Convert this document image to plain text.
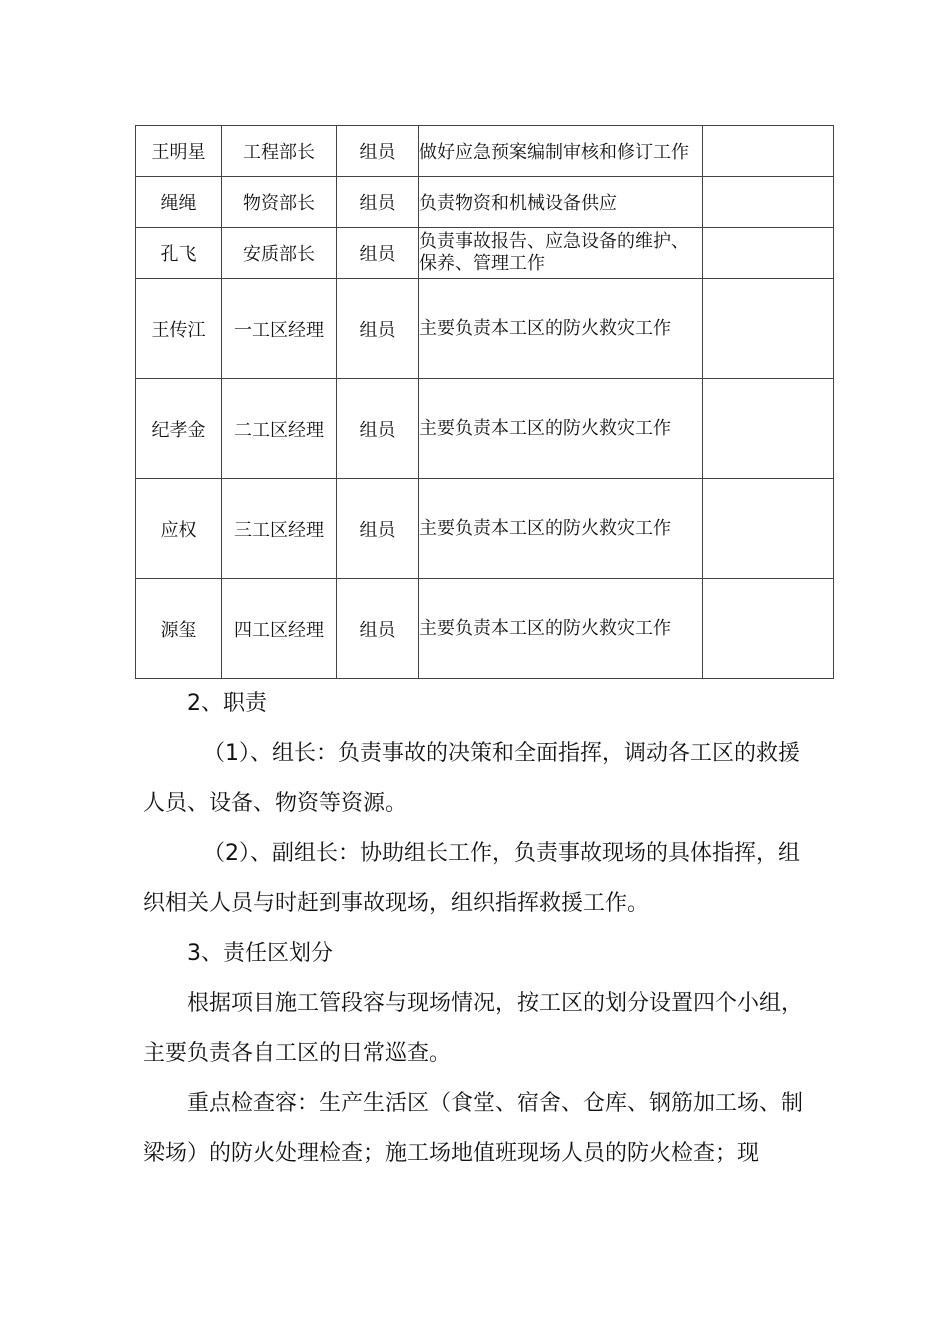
王明星	工程部长	组员	做好应急预案编制审核和修订工作	
绳绳	物资部长	组员	负责物资和机械设备供应	
孔飞	安质部长	组员	负责事故报告、应急设备的维护、保养、管理工作	
王传江	一工区经理	组员	主要负责本工区的防火救灾工作	
纪孝金	二工区经理	组员	主要负责本工区的防火救灾工作	
应权	三工区经理	组员	主要负责本工区的防火救灾工作	
源玺	四工区经理	组员	主要负责本工区的防火救灾工作	

2、职责

（1）、组长：负责事故的决策和全面指挥，调动各工区的救援人员、设备、物资等资源。

（2）、副组长：协助组长工作，负责事故现场的具体指挥，组织相关人员与时赶到事故现场，组织指挥救援工作。

3、责任区划分

根据项目施工管段容与现场情况，按工区的划分设置四个小组，主要负责各自工区的日常巡查。

重点检查容：生产生活区（食堂、宿舍、仓库、钢筋加工场、制梁场）的防火处理检查；施工场地值班现场人员的防火检查；现
